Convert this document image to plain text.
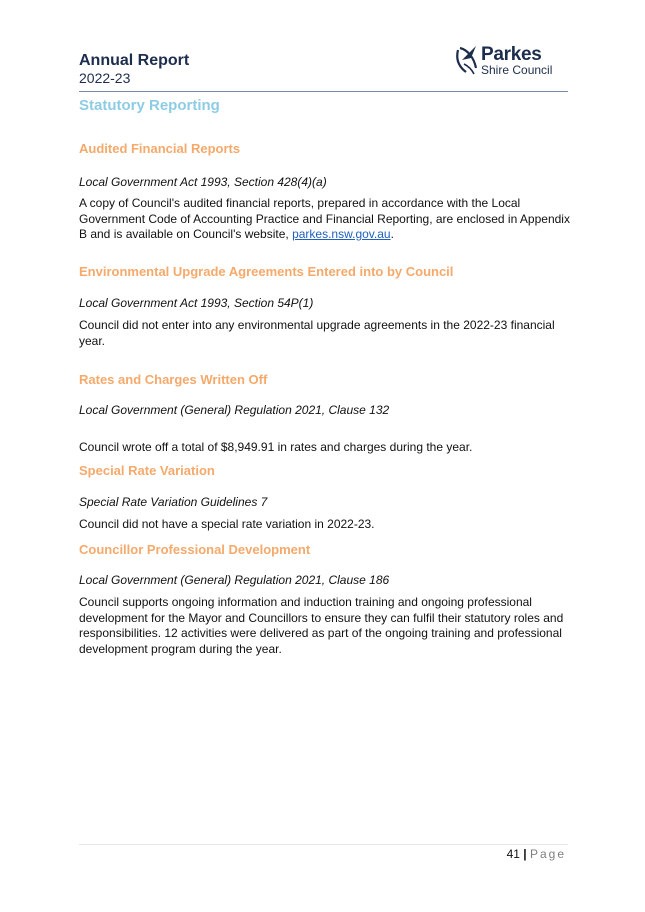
Annual Report
2022-23
Parkes
Shire Council
Statutory Reporting
Audited Financial Reports
Local Government Act 1993, Section 428(4)(a)
A copy of Council's audited financial reports, prepared in accordance with the Local Government Code of Accounting Practice and Financial Reporting, are enclosed in Appendix B and is available on Council's website, parkes.nsw.gov.au.
Environmental Upgrade Agreements Entered into by Council
Local Government Act 1993, Section 54P(1)
Council did not enter into any environmental upgrade agreements in the 2022-23 financial year.
Rates and Charges Written Off
Local Government (General) Regulation 2021, Clause 132
Council wrote off a total of $8,949.91 in rates and charges during the year.
Special Rate Variation
Special Rate Variation Guidelines 7
Council did not have a special rate variation in 2022-23.
Councillor Professional Development
Local Government (General) Regulation 2021, Clause 186
Council supports ongoing information and induction training and ongoing professional development for the Mayor and Councillors to ensure they can fulfil their statutory roles and responsibilities. 12 activities were delivered as part of the ongoing training and professional development program during the year.
41 | Page
